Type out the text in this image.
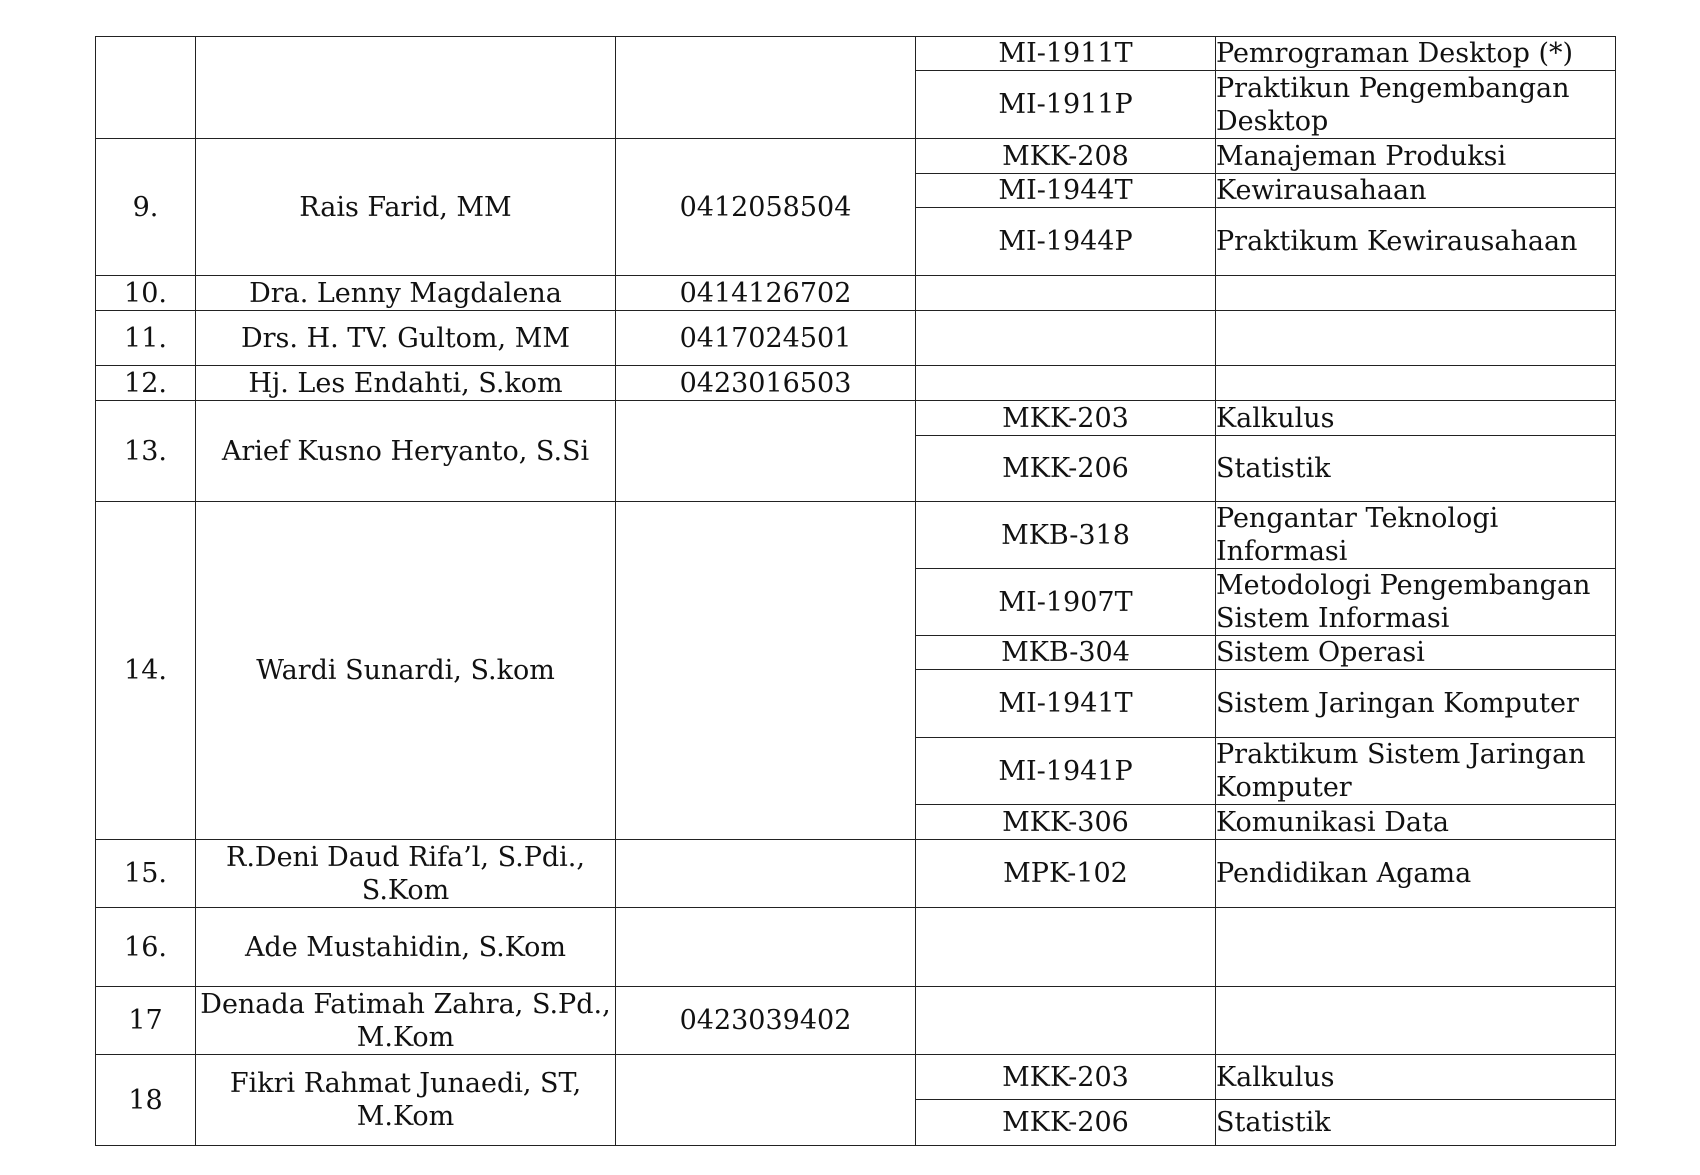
			MI-1911T	Pemrograman Desktop (*)
			MI-1911P	Praktikun Pengembangan Desktop
9.	Rais Farid, MM	0412058504	MKK-208	Manajeman Produksi
			MI-1944T	Kewirausahaan
			MI-1944P	Praktikum Kewirausahaan
10.	Dra. Lenny Magdalena	0414126702		
11.	Drs. H. TV. Gultom, MM	0417024501		
12.	Hj. Les Endahti, S.kom	0423016503		
13.	Arief Kusno Heryanto, S.Si		MKK-203	Kalkulus
			MKK-206	Statistik
14.	Wardi Sunardi, S.kom		MKB-318	Pengantar Teknologi Informasi
			MI-1907T	Metodologi Pengembangan Sistem Informasi
			MKB-304	Sistem Operasi
			MI-1941T	Sistem Jaringan Komputer
			MI-1941P	Praktikum Sistem Jaringan Komputer
			MKK-306	Komunikasi Data
15.	R.Deni Daud Rifa’l, S.Pdi., S.Kom		MPK-102	Pendidikan Agama
16.	Ade Mustahidin, S.Kom			
17	Denada Fatimah Zahra, S.Pd., M.Kom	0423039402		
18	Fikri Rahmat Junaedi, ST, M.Kom		MKK-203	Kalkulus
			MKK-206	Statistik
